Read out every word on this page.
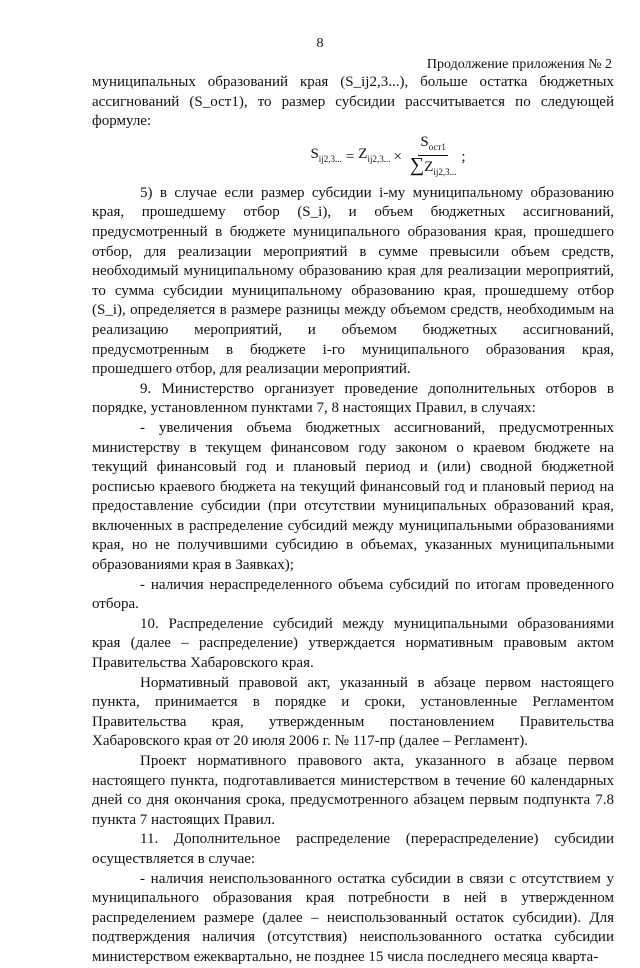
8
Продолжение приложения № 2

муниципальных образований края (S_ij2,3...), больше остатка бюджетных ассигнований (S_ост1), то размер субсидии рассчитывается по следующей формуле:

$S_{ij2,3...} = Z_{ij2,3...} \times \frac{S_{ост1}}{\sum Z_{ij2,3...}}$ ;

5) в случае если размер субсидии i-му муниципальному образованию края, прошедшему отбор (S_i), и объем бюджетных ассигнований, предусмотренный в бюджете муниципального образования края, прошедшего отбор, для реализации мероприятий в сумме превысили объем средств, необходимый муниципальному образованию края для реализации мероприятий, то сумма субсидии муниципальному образованию края, прошедшему отбор (S_i), определяется в размере разницы между объемом средств, необходимым на реализацию мероприятий, и объемом бюджетных ассигнований, предусмотренным в бюджете i-го муниципального образования края, прошедшего отбор, для реализации мероприятий.

9. Министерство организует проведение дополнительных отборов в порядке, установленном пунктами 7, 8 настоящих Правил, в случаях:

- увеличения объема бюджетных ассигнований, предусмотренных министерству в текущем финансовом году законом о краевом бюджете на текущий финансовый год и плановый период и (или) сводной бюджетной росписью краевого бюджета на текущий финансовый год и плановый период на предоставление субсидии (при отсутствии муниципальных образований края, включенных в распределение субсидий между муниципальными образованиями края, но не получившими субсидию в объемах, указанных муниципальными образованиями края в Заявках);

- наличия нераспределенного объема субсидий по итогам проведенного отбора.

10. Распределение субсидий между муниципальными образованиями края (далее – распределение) утверждается нормативным правовым актом Правительства Хабаровского края.

Нормативный правовой акт, указанный в абзаце первом настоящего пункта, принимается в порядке и сроки, установленные Регламентом Правительства края, утвержденным постановлением Правительства Хабаровского края от 20 июля 2006 г. № 117-пр (далее – Регламент).

Проект нормативного правового акта, указанного в абзаце первом настоящего пункта, подготавливается министерством в течение 60 календарных дней со дня окончания срока, предусмотренного абзацем первым подпункта 7.8 пункта 7 настоящих Правил.

11. Дополнительное распределение (перераспределение) субсидии осуществляется в случае:

- наличия неиспользованного остатка субсидии в связи с отсутствием у муниципального образования края потребности в ней в утвержденном распределением размере (далее – неиспользованный остаток субсидии). Для подтверждения наличия (отсутствия) неиспользованного остатка субсидии министерством ежеквартально, не позднее 15 числа последнего месяца кварта-
